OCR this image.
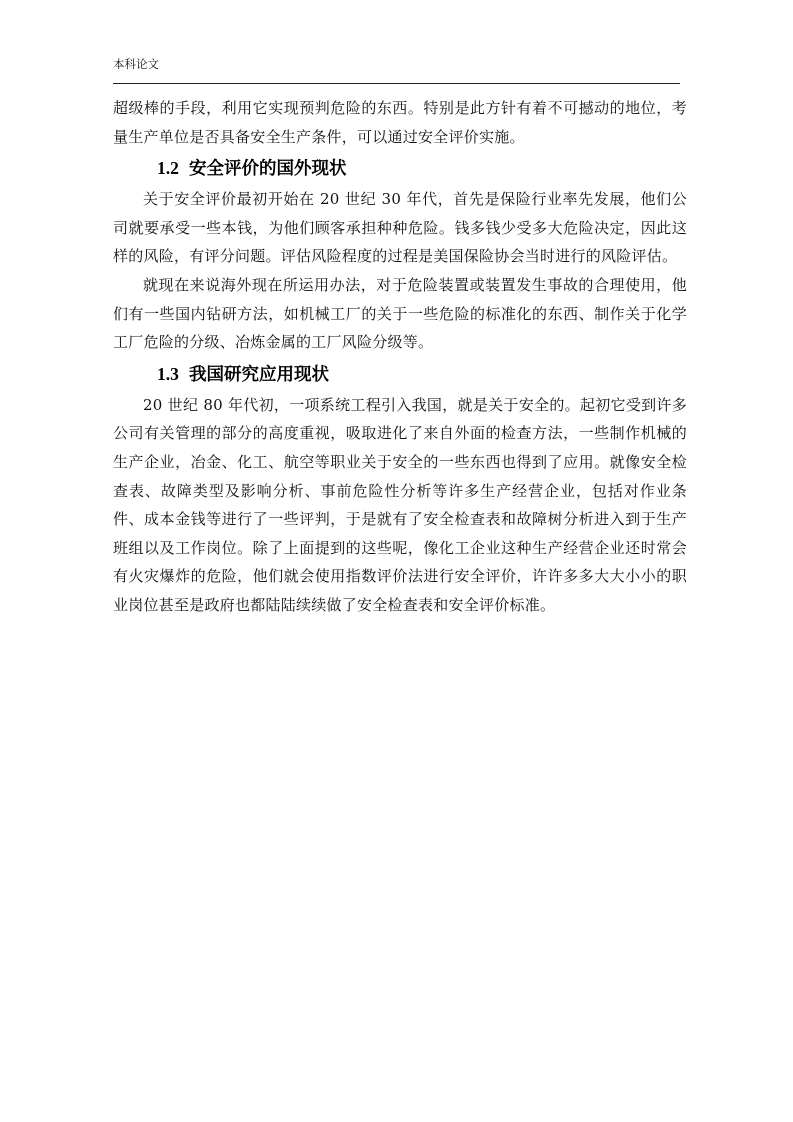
本科论文

超级棒的手段，利用它实现预判危险的东西。特别是此方针有着不可撼动的地位，考量生产单位是否具备安全生产条件，可以通过安全评价实施。

1.2 安全评价的国外现状

关于安全评价最初开始在 20 世纪 30 年代，首先是保险行业率先发展，他们公司就要承受一些本钱，为他们顾客承担种种危险。钱多钱少受多大危险决定，因此这样的风险，有评分问题。评估风险程度的过程是美国保险协会当时进行的风险评估。

就现在来说海外现在所运用办法，对于危险装置或装置发生事故的合理使用，他们有一些国内钻研方法，如机械工厂的关于一些危险的标准化的东西、制作关于化学工厂危险的分级、冶炼金属的工厂风险分级等。

1.3 我国研究应用现状

20 世纪 80 年代初，一项系统工程引入我国，就是关于安全的。起初它受到许多公司有关管理的部分的高度重视，吸取进化了来自外面的检查方法，一些制作机械的生产企业，冶金、化工、航空等职业关于安全的一些东西也得到了应用。就像安全检查表、故障类型及影响分析、事前危险性分析等许多生产经营企业，包括对作业条件、成本金钱等进行了一些评判，于是就有了安全检查表和故障树分析进入到于生产班组以及工作岗位。除了上面提到的这些呢，像化工企业这种生产经营企业还时常会有火灾爆炸的危险，他们就会使用指数评价法进行安全评价，许许多多大大小小的职业岗位甚至是政府也都陆陆续续做了安全检查表和安全评价标准。
